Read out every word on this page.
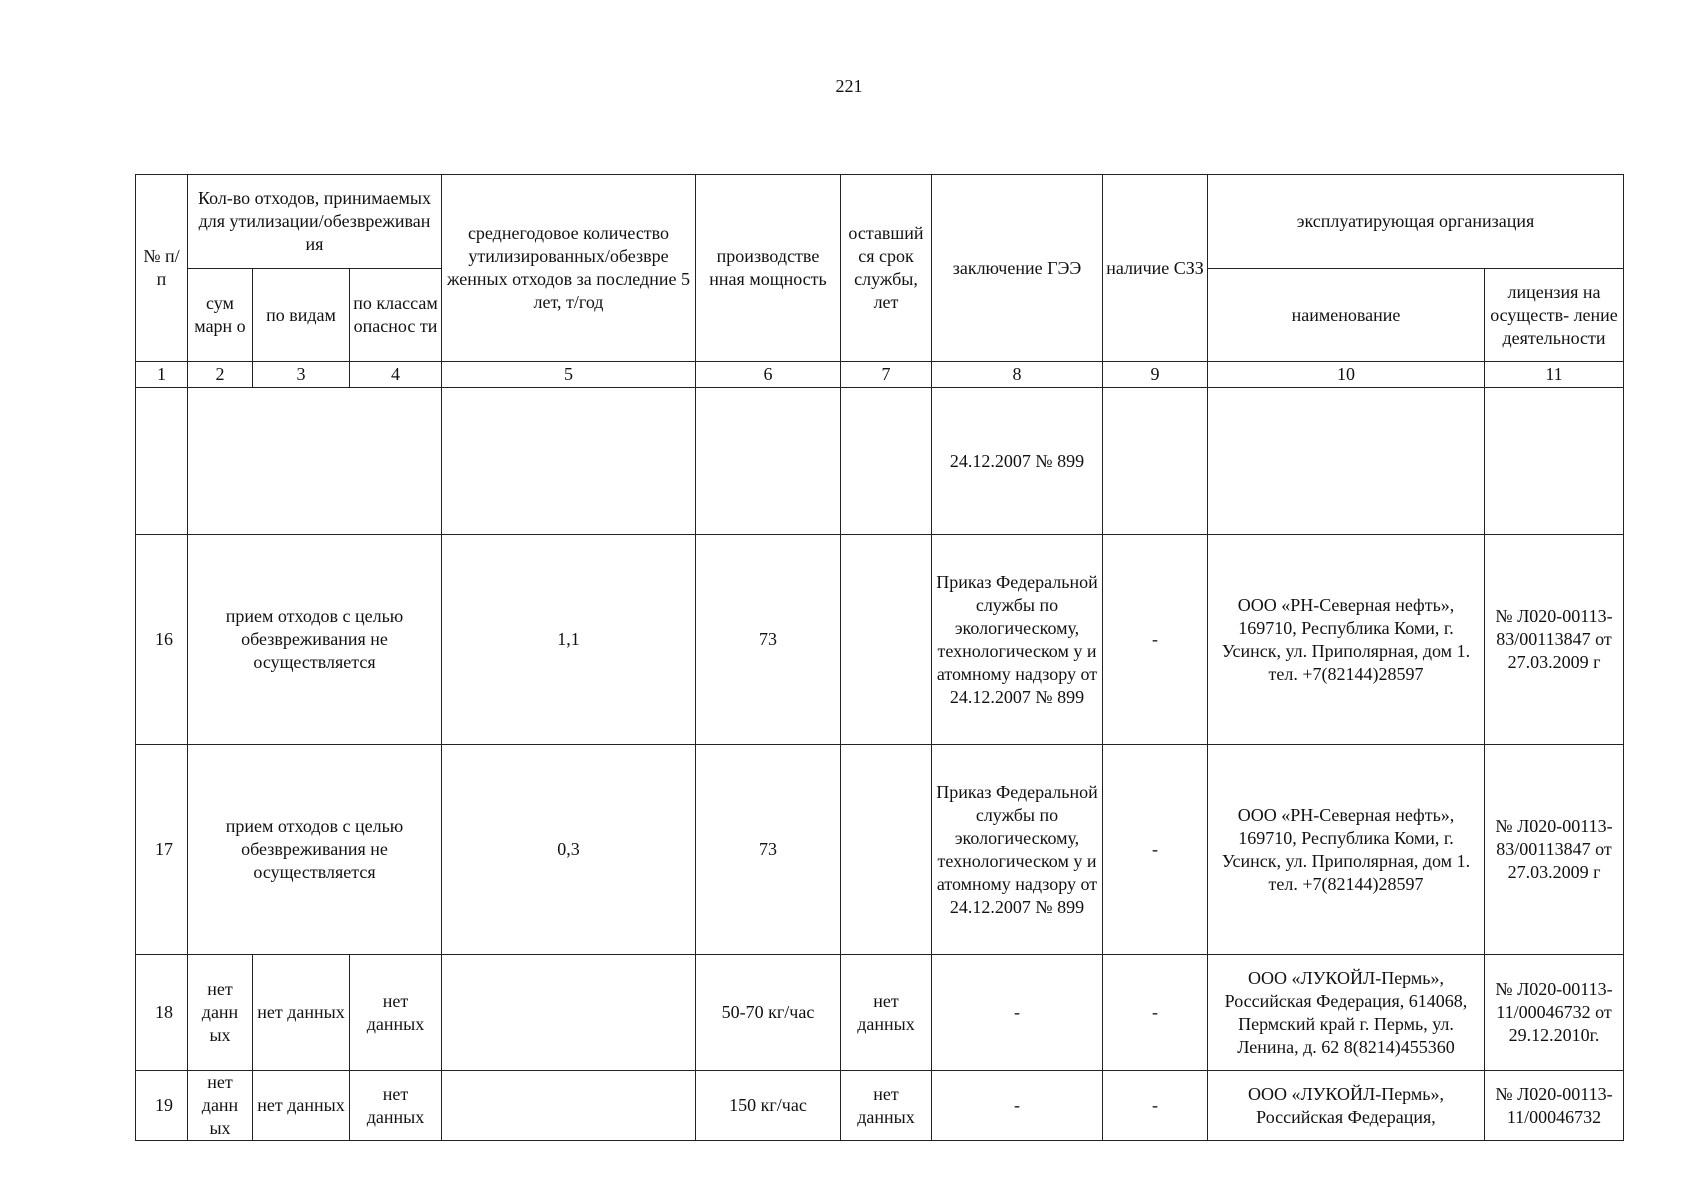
221
№ п/п	Кол-во отходов, принимаемых для утилизации/обезвреживан ия			среднегодовое количество утилизированных/обезвре женных отходов за последние 5 лет, т/год	производстве нная мощность	оставший ся срок службы, лет	заключение ГЭЭ	наличие СЗЗ	эксплуатирующая организация	
	сум марн о	по видам	по классам опаснос ти						наименование	лицензия на осуществ- ление деятельности
1	2	3	4	5	6	7	8	9	10	11
							24.12.2007 № 899			
16	прием отходов с целью обезвреживания не осуществляется			1,1	73		Приказ Федеральной службы по экологическому, технологическом у и атомному надзору от 24.12.2007 № 899	-	ООО «РН-Северная нефть», 169710, Республика Коми, г. Усинск, ул. Приполярная, дом 1. тел. +7(82144)28597	№ Л020-00113-83/00113847 от 27.03.2009 г
17	прием отходов с целью обезвреживания не осуществляется			0,3	73		Приказ Федеральной службы по экологическому, технологическом у и атомному надзору от 24.12.2007 № 899	-	ООО «РН-Северная нефть», 169710, Республика Коми, г. Усинск, ул. Приполярная, дом 1. тел. +7(82144)28597	№ Л020-00113-83/00113847 от 27.03.2009 г
18	нет данн ых	нет данных	нет данных		50-70 кг/час	нет данных	-	-	ООО «ЛУКОЙЛ-Пермь», Российская Федерация, 614068, Пермский край г. Пермь, ул. Ленина, д. 62 8(8214)455360	№ Л020-00113-11/00046732 от 29.12.2010г.
19	нет данн ых	нет данных	нет данных		150 кг/час	нет данных	-	-	ООО «ЛУКОЙЛ-Пермь», Российская Федерация,	№ Л020-00113-11/00046732
